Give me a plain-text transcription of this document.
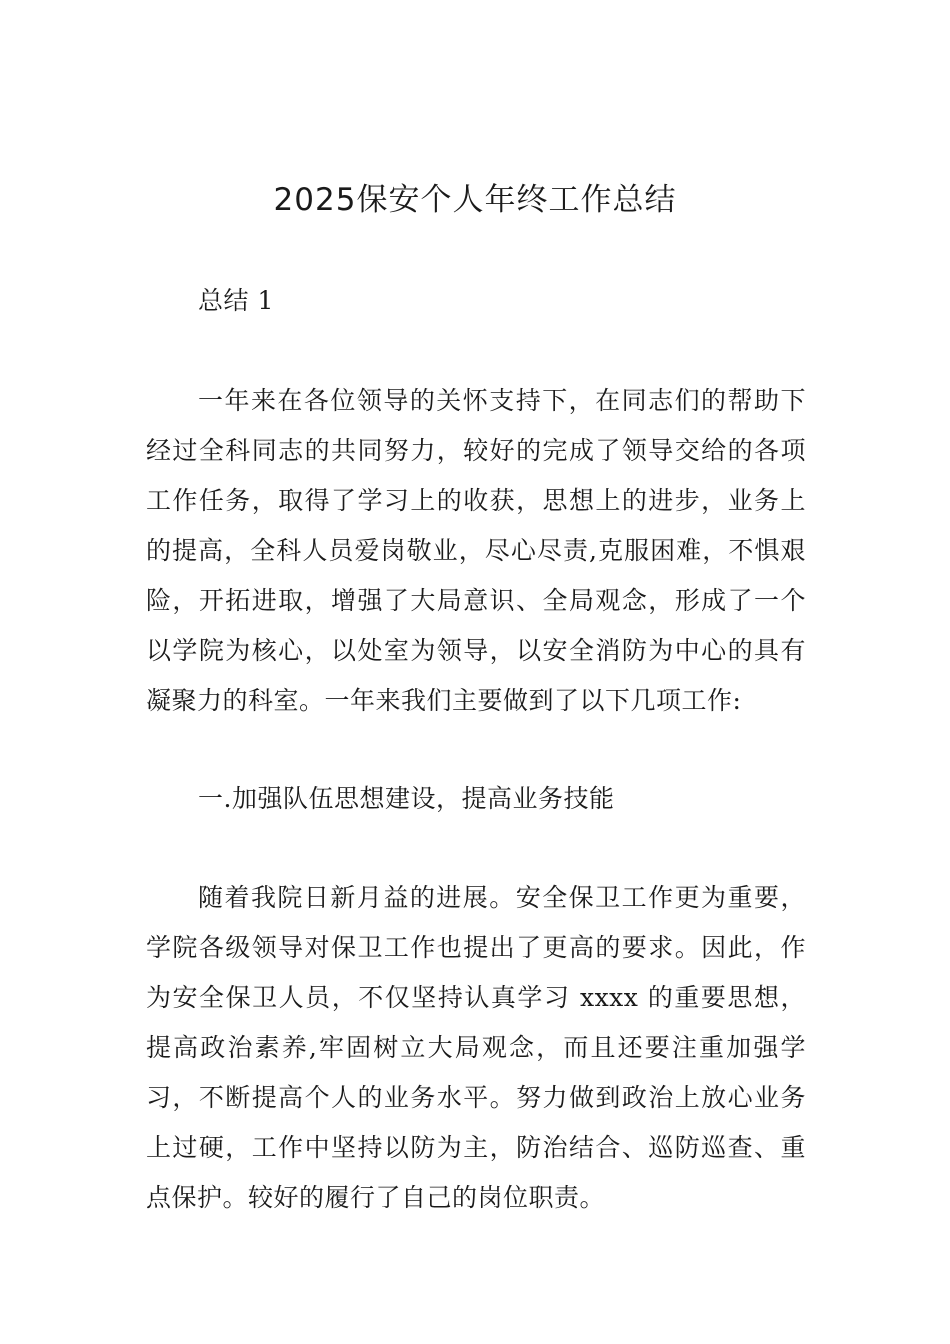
2025保安个人年终工作总结

总结 1

一年来在各位领导的关怀支持下，在同志们的帮助下经过全科同志的共同努力，较好的完成了领导交给的各项工作任务，取得了学习上的收获，思想上的进步，业务上的提高，全科人员爱岗敬业，尽心尽责,克服困难，不惧艰险，开拓进取，增强了大局意识、全局观念，形成了一个以学院为核心，以处室为领导，以安全消防为中心的具有凝聚力的科室。一年来我们主要做到了以下几项工作:

一.加强队伍思想建设，提高业务技能

随着我院日新月益的进展。安全保卫工作更为重要，学院各级领导对保卫工作也提出了更高的要求。因此，作为安全保卫人员，不仅坚持认真学习 xxxx 的重要思想，提高政治素养,牢固树立大局观念，而且还要注重加强学习，不断提高个人的业务水平。努力做到政治上放心业务上过硬，工作中坚持以防为主，防治结合、巡防巡查、重点保护。较好的履行了自己的岗位职责。
